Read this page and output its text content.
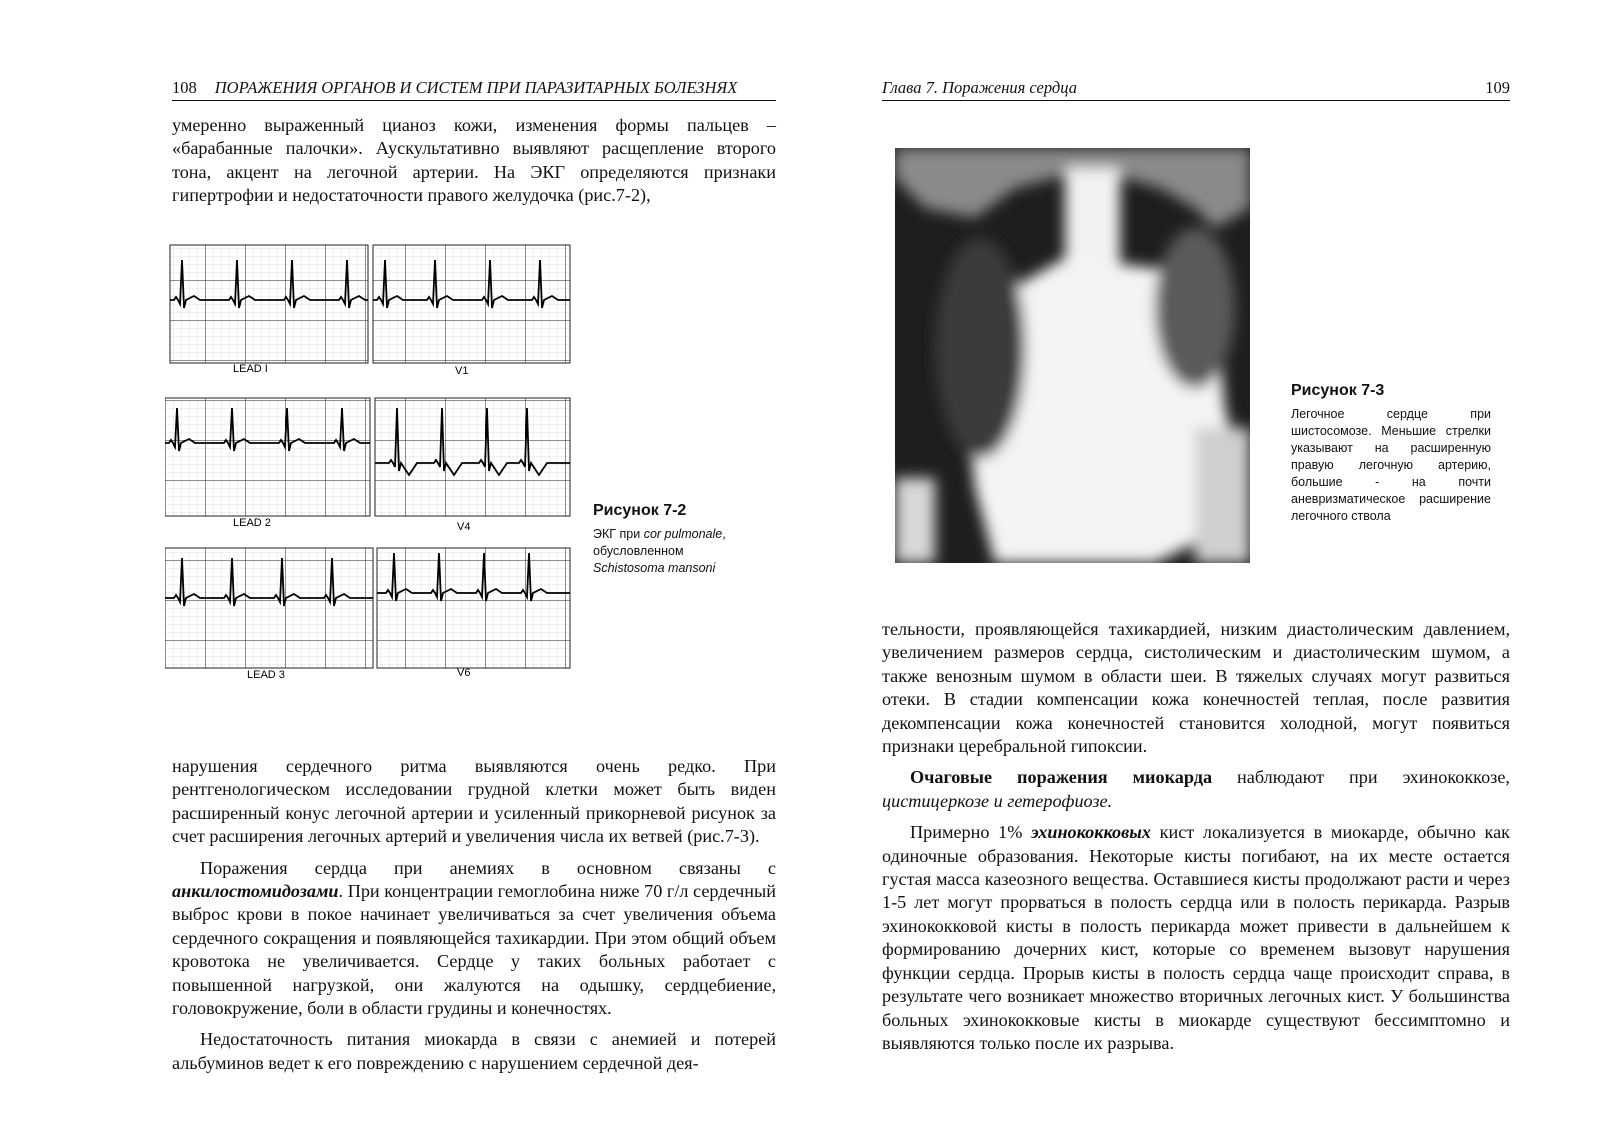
108 ПОРАЖЕНИЯ ОРГАНОВ И СИСТЕМ ПРИ ПАРАЗИТАРНЫХ БОЛЕЗНЯХ

умеренно выраженный цианоз кожи, изменения формы пальцев – «барабанные палочки». Аускультативно выявляют расщепление второго тона, акцент на легочной артерии. На ЭКГ определяются признаки гипертрофии и недостаточности правого желудочка (рис.7-2),

LEAD I	V1
LEAD 2	V4
LEAD 3	V6
Рисунок 7-2
ЭКГ при cor pulmonale, обусловленном Schistosoma mansoni

нарушения сердечного ритма выявляются очень редко. При рентгенологическом исследовании грудной клетки может быть виден расширенный конус легочной артерии и усиленный прикорневой рисунок за счет расширения легочных артерий и увеличения числа их ветвей (рис.7-3).

Поражения сердца при анемиях в основном связаны с анкилостомидозами. При концентрации гемоглобина ниже 70 г/л сердечный выброс крови в покое начинает увеличиваться за счет увеличения объема сердечного сокращения и появляющейся тахикардии. При этом общий объем кровотока не увеличивается. Сердце у таких больных работает с повышенной нагрузкой, они жалуются на одышку, сердцебиение, головокружение, боли в области грудины и конечностях.

Недостаточность питания миокарда в связи с анемией и потерей альбуминов ведет к его повреждению с нарушением сердечной дея-

Глава 7. Поражения сердца	109
Рисунок 7-3
Легочное сердце при шистосомозе. Меньшие стрелки указывают на расширенную правую легочную артерию, большие - на почти аневризматическое расширение легочного ствола

тельности, проявляющейся тахикардией, низким диастолическим давлением, увеличением размеров сердца, систолическим и диастолическим шумом, а также венозным шумом в области шеи. В тяжелых случаях могут развиться отеки. В стадии компенсации кожа конечностей теплая, после развития декомпенсации кожа конечностей становится холодной, могут появиться признаки церебральной гипоксии.

Очаговые поражения миокарда наблюдают при эхинококкозе, цистицеркозе и гетерофиозе.

Примерно 1% эхинококковых кист локализуется в миокарде, обычно как одиночные образования. Некоторые кисты погибают, на их месте остается густая масса казеозного вещества. Оставшиеся кисты продолжают расти и через 1-5 лет могут прорваться в полость сердца или в полость перикарда. Разрыв эхинококковой кисты в полость перикарда может привести в дальнейшем к формированию дочерних кист, которые со временем вызовут нарушения функции сердца. Прорыв кисты в полость сердца чаще происходит справа, в результате чего возникает множество вторичных легочных кист. У большинства больных эхинококковые кисты в миокарде существуют бессимптомно и выявляются только после их разрыва.
